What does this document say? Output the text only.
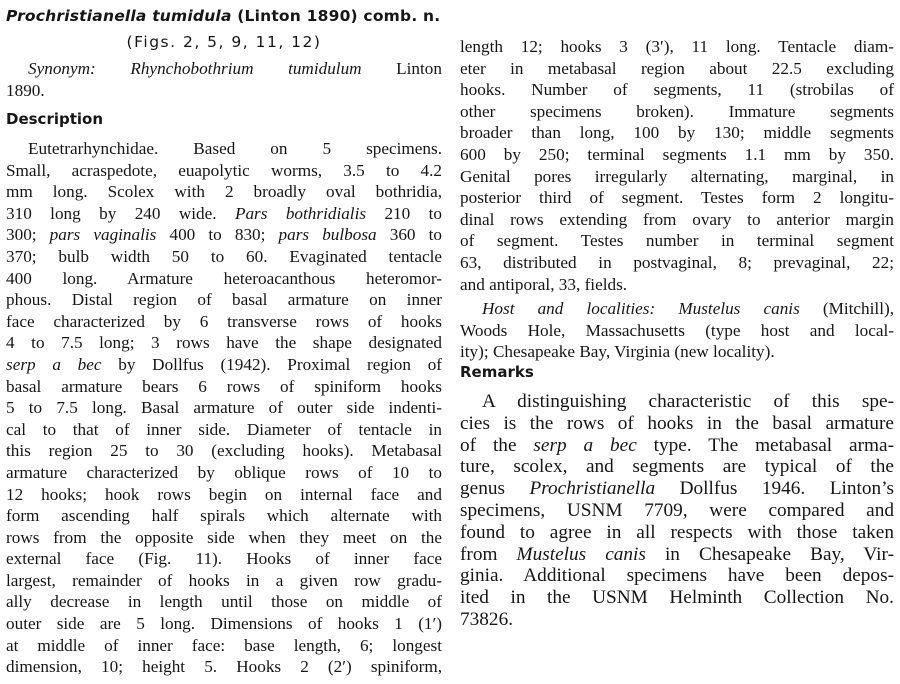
Prochristianella tumidula (Linton 1890) comb. n.
(Figs. 2, 5, 9, 11, 12)
Synonym: Rhynchobothrium tumidulum Linton
1890.
Description
Eutetrarhynchidae. Based on 5 specimens.
Small, acraspedote, euapolytic worms, 3.5 to 4.2
mm long. Scolex with 2 broadly oval bothridia,
310 long by 240 wide. Pars bothridialis 210 to
300; pars vaginalis 400 to 830; pars bulbosa 360 to
370; bulb width 50 to 60. Evaginated tentacle
400 long. Armature heteroacanthous heteromor-
phous. Distal region of basal armature on inner
face characterized by 6 transverse rows of hooks
4 to 7.5 long; 3 rows have the shape designated
serp a bec by Dollfus (1942). Proximal region of
basal armature bears 6 rows of spiniform hooks
5 to 7.5 long. Basal armature of outer side indenti-
cal to that of inner side. Diameter of tentacle in
this region 25 to 30 (excluding hooks). Metabasal
armature characterized by oblique rows of 10 to
12 hooks; hook rows begin on internal face and
form ascending half spirals which alternate with
rows from the opposite side when they meet on the
external face (Fig. 11). Hooks of inner face
largest, remainder of hooks in a given row gradu-
ally decrease in length until those on middle of
outer side are 5 long. Dimensions of hooks 1 (1′)
at middle of inner face: base length, 6; longest
dimension, 10; height 5. Hooks 2 (2′) spiniform,
length 12; hooks 3 (3′), 11 long. Tentacle diam-
eter in metabasal region about 22.5 excluding
hooks. Number of segments, 11 (strobilas of
other specimens broken). Immature segments
broader than long, 100 by 130; middle segments
600 by 250; terminal segments 1.1 mm by 350.
Genital pores irregularly alternating, marginal, in
posterior third of segment. Testes form 2 longitu-
dinal rows extending from ovary to anterior margin
of segment. Testes number in terminal segment
63, distributed in postvaginal, 8; prevaginal, 22;
and antiporal, 33, fields.
Host and localities: Mustelus canis (Mitchill),
Woods Hole, Massachusetts (type host and local-
ity); Chesapeake Bay, Virginia (new locality).
Remarks
A distinguishing characteristic of this spe-
cies is the rows of hooks in the basal armature
of the serp a bec type. The metabasal arma-
ture, scolex, and segments are typical of the
genus Prochristianella Dollfus 1946. Linton’s
specimens, USNM 7709, were compared and
found to agree in all respects with those taken
from Mustelus canis in Chesapeake Bay, Vir-
ginia. Additional specimens have been depos-
ited in the USNM Helminth Collection No.
73826.
